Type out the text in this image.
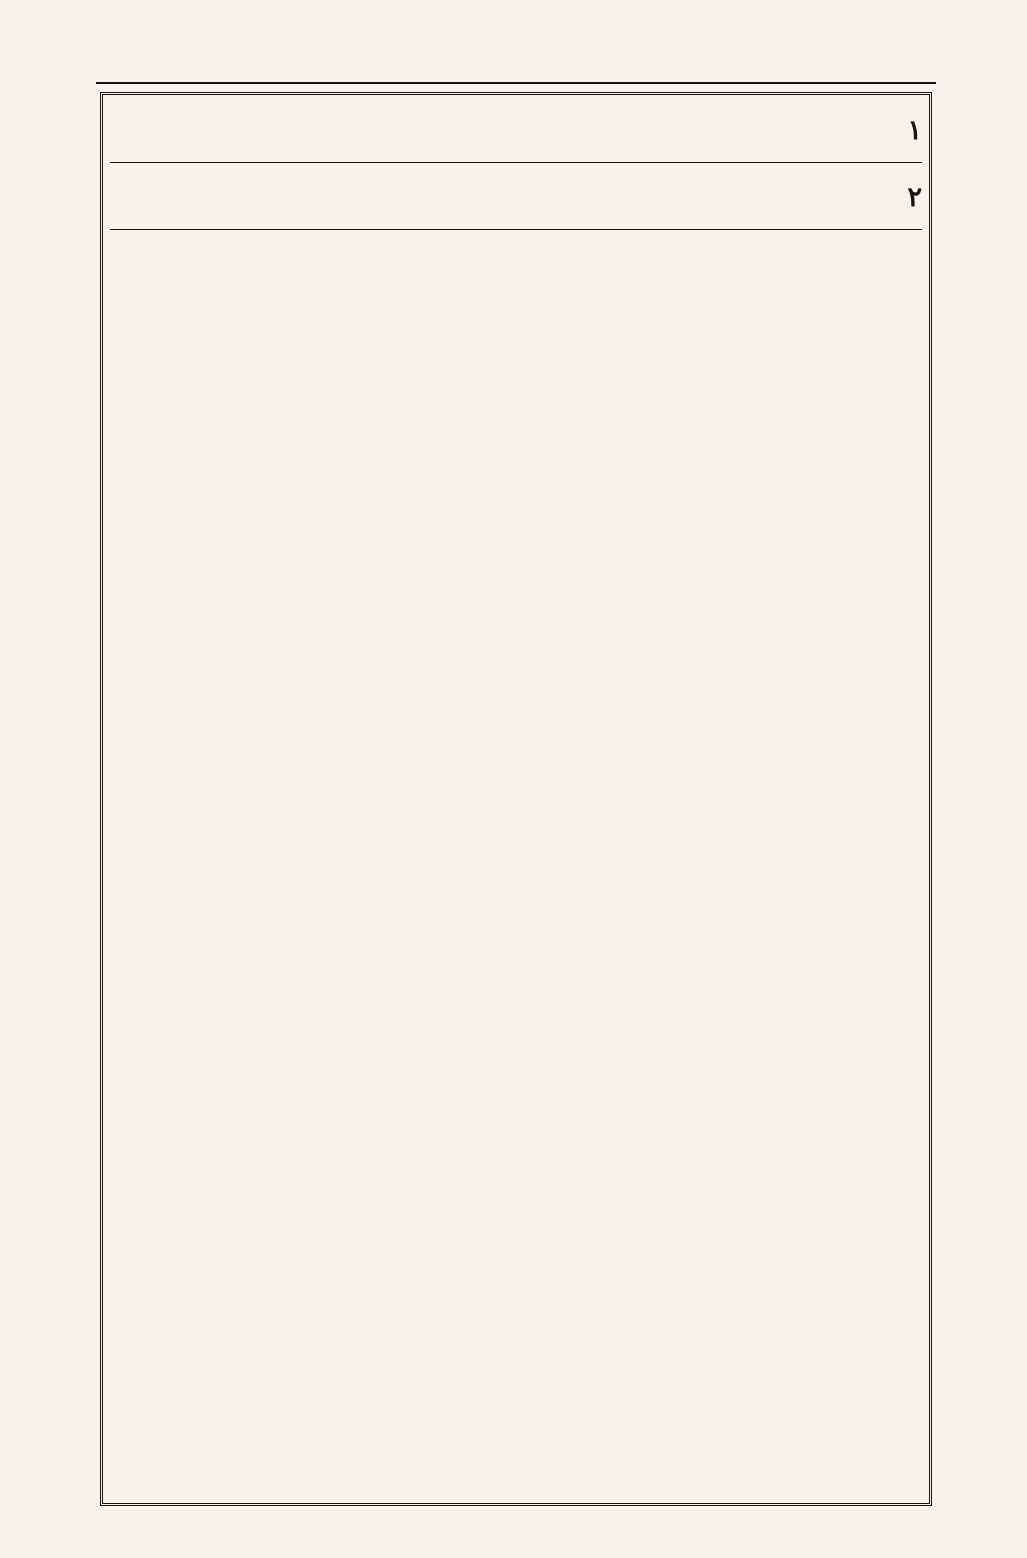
١

٢
